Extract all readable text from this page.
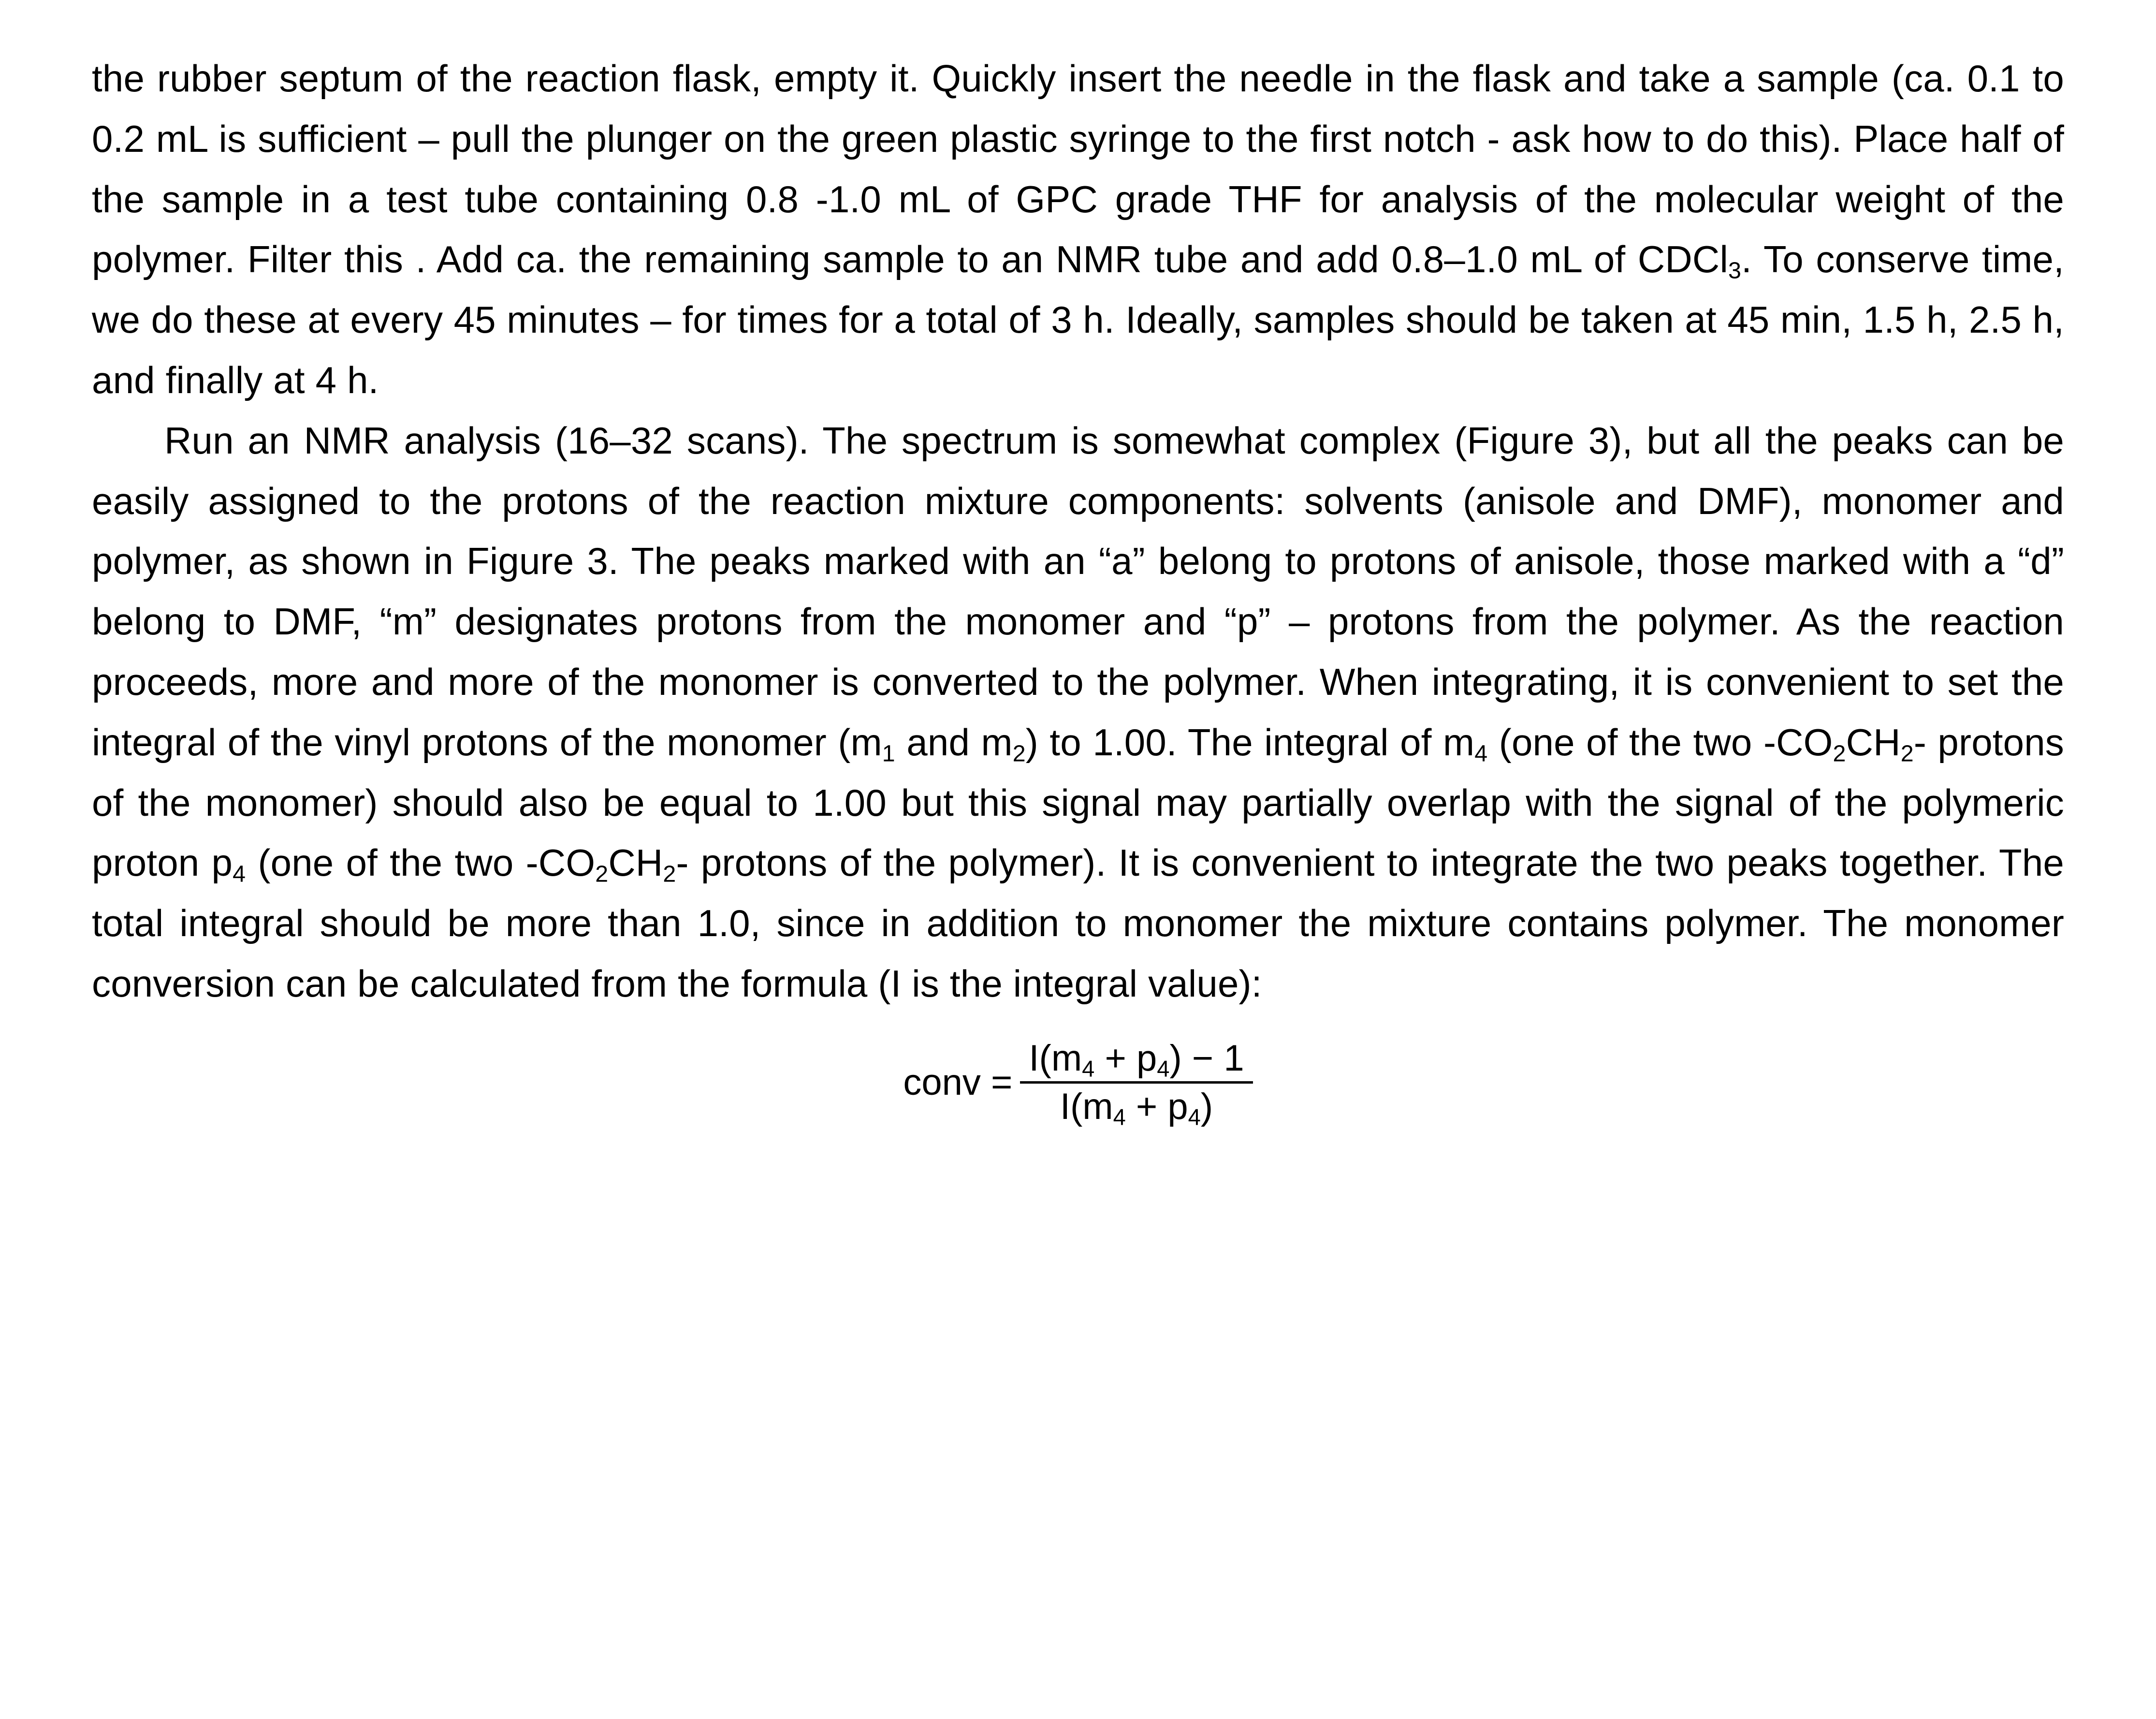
the rubber septum of the reaction flask, empty it. Quickly insert the needle in the flask and take a sample (ca. 0.1 to 0.2 mL is sufficient – pull the plunger on the green plastic syringe to the first notch - ask how to do this). Place half of the sample in a test tube containing 0.8 -1.0 mL of GPC grade THF for analysis of the molecular weight of the polymer. Filter this . Add ca. the remaining sample to an NMR tube and add 0.8–1.0 mL of CDCl$_3$. To conserve time, we do these at every 45 minutes – for times for a total of 3 h. Ideally, samples should be taken at 45 min, 1.5 h, 2.5 h, and finally at 4 h.

Run an NMR analysis (16–32 scans). The spectrum is somewhat complex (Figure 3), but all the peaks can be easily assigned to the protons of the reaction mixture components: solvents (anisole and DMF), monomer and polymer, as shown in Figure 3. The peaks marked with an “a” belong to protons of anisole, those marked with a “d” belong to DMF, “m” designates protons from the monomer and “p” – protons from the polymer. As the reaction proceeds, more and more of the monomer is converted to the polymer. When integrating, it is convenient to set the integral of the vinyl protons of the monomer ($m_1$ and $m_2$) to 1.00. The integral of $m_4$ (one of the two $-CO_2CH_2-$ protons of the monomer) should also be equal to 1.00 but this signal may partially overlap with the signal of the polymeric proton $p_4$ (one of the two $-CO_2CH_2-$ protons of the polymer). It is convenient to integrate the two peaks together. The total integral should be more than 1.0, since in addition to monomer the mixture contains polymer. The monomer conversion can be calculated from the formula (I is the integral value):

conv =
$I(m_4 + p_4) - 1$
$I(m_4 + p_4)$
